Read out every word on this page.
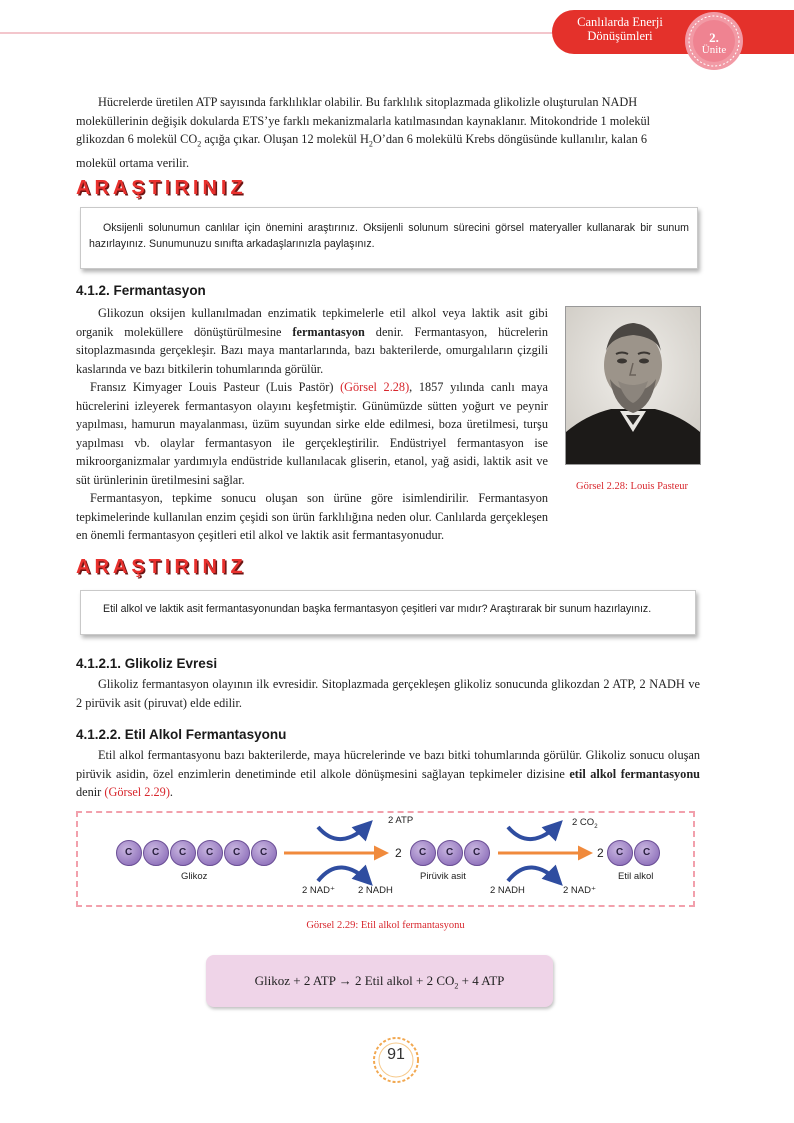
Canlılarda Enerji
Dönüşümleri	2.
Ünite
Hücrelerde üretilen ATP sayısında farklılıklar olabilir. Bu farklılık sitoplazmada glikolizle oluşturulan NADH
moleküllerinin değişik dokularda ETS’ye farklı mekanizmalarla katılmasından kaynaklanır. Mitokondride 1 molekül
glikozdan 6 molekül $CO_2$ açığa çıkar. Oluşan 12 molekül $H_2O’dan$ 6 molekülü Krebs döngüsünde kullanılır, kalan 6
molekül ortama verilir.
ARAŞTIRINIZ
Oksijenli solunumun canlılar için önemini araştırınız. Oksijenli solunum sürecini görsel materyaller kullanarak bir sunum hazırlayınız. Sunumunuzu sınıfta arkadaşlarınızla paylaşınız.
4.1.2. Fermantasyon

Glikozun oksijen kullanılmadan enzimatik tepkimelerle etil alkol veya laktik asit gibi organik moleküllere dönüştürülmesine fermantasyon denir. Fermantasyon, hücrelerin sitoplazmasında gerçekleşir. Bazı maya mantarlarında, bazı bakterilerde, omurgalıların çizgili kaslarında ve bazı bitkilerin tohumlarında görülür.

Fransız Kimyager Louis Pasteur (Luis Pastör) (Görsel 2.28), 1857 yılında canlı maya hücrelerini izleyerek fermantasyon olayını keşfetmiştir. Günümüzde sütten yoğurt ve peynir yapılması, hamurun mayalanması, üzüm suyundan sirke elde edilmesi, boza üretilmesi, turşu yapılması vb. olaylar fermantasyon ile gerçekleştirilir. Endüstriyel fermantasyon ise mikroorganizmalar yardımıyla endüstride kullanılacak gliserin, etanol, yağ asidi, laktik asit ve süt ürünlerinin üretilmesini sağlar.

Fermantasyon, tepkime sonucu oluşan son ürüne göre isimlendirilir. Fermantasyon tepkimelerinde kullanılan enzim çeşidi son ürün farklılığına neden olur. Canlılarda gerçekleşen en önemli fermantasyon çeşitleri etil alkol ve laktik asit fermantasyonudur.

Görsel 2.28: Louis Pasteur
ARAŞTIRINIZ
Etil alkol ve laktik asit fermantasyonundan başka fermantasyon çeşitleri var mıdır? Araştırarak bir sunum hazırlayınız.
4.1.2.1. Glikoliz Evresi
Glikoliz fermantasyon olayının ilk evresidir. Sitoplazmada gerçekleşen glikoliz sonucunda glikozdan 2 ATP, 2 NADH ve 2 pirüvik asit (piruvat) elde edilir.
4.1.2.2. Etil Alkol Fermantasyonu
Etil alkol fermantasyonu bazı bakterilerde, maya hücrelerinde ve bazı bitki tohumlarında görülür. Glikoliz sonucu oluşan pirüvik asidin, özel enzimlerin denetiminde etil alkole dönüşmesini sağlayan tepkimeler dizisine etil alkol fermantasyonu denir (Görsel 2.29).
C C C C C C	C C C	C C
Glikoz	Pirüvik asit	Etil alkol
2	2
2 ATP
2 NAD⁺ 2 NADH
2 $CO_2$
2 NADH	2 NAD⁺
Görsel 2.29: Etil alkol fermantasyonu
Glikoz + 2 ATP → 2 Etil alkol + 2 $CO_2 + 4$ ATP
91
